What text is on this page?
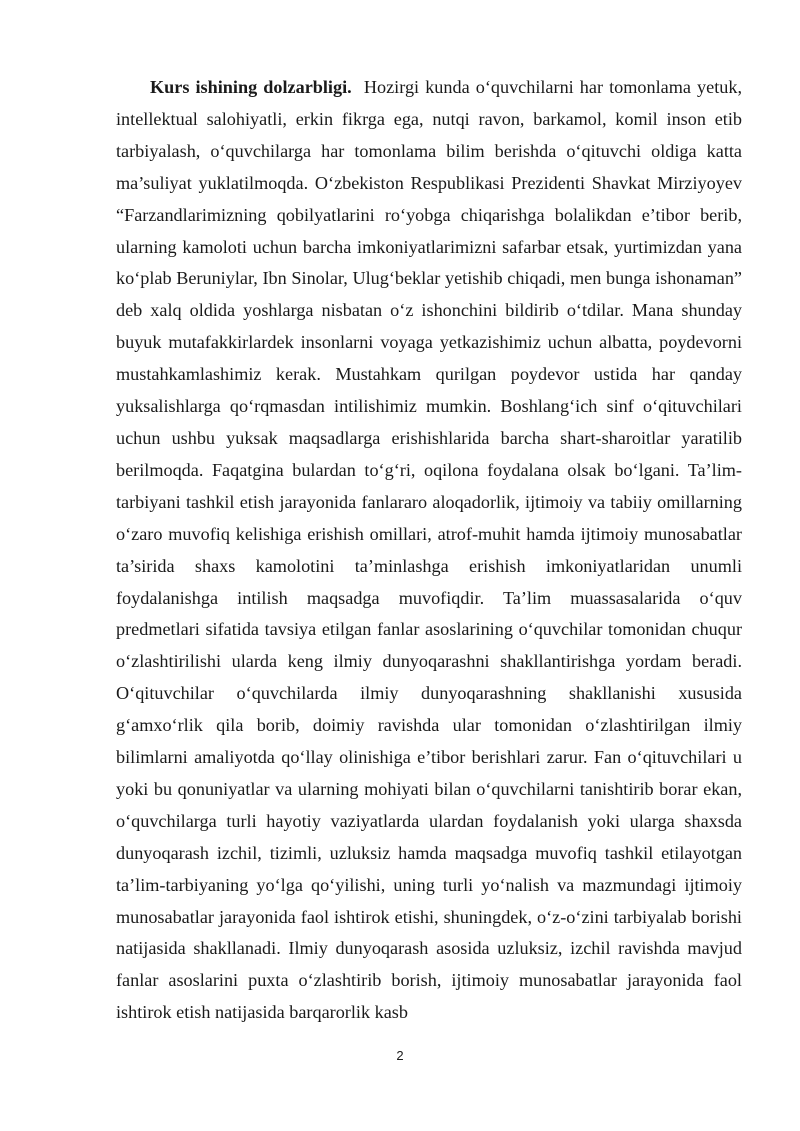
Kurs ishining dolzarbligi. Hozirgi kunda o‘quvchilarni har tomonlama yetuk, intellektual salohiyatli, erkin fikrga ega, nutqi ravon, barkamol, komil inson etib tarbiyalash, o‘quvchilarga har tomonlama bilim berishda o‘qituvchi oldiga katta ma’suliyat yuklatilmoqda. O‘zbekiston Respublikasi Prezidenti Shavkat Mirziyoyev “Farzandlarimizning qobilyatlarini ro‘yobga chiqarishga bolalikdan e’tibor berib, ularning kamoloti uchun barcha imkoniyatlarimizni safarbar etsak, yurtimizdan yana ko‘plab Beruniylar, Ibn Sinolar, Ulug‘beklar yetishib chiqadi, men bunga ishonaman” deb xalq oldida yoshlarga nisbatan o‘z ishonchini bildirib o‘tdilar. Mana shunday buyuk mutafakkirlardek insonlarni voyaga yetkazishimiz uchun albatta, poydevorni mustahkamlashimiz kerak. Mustahkam qurilgan poydevor ustida har qanday yuksalishlarga qo‘rqmasdan intilishimiz mumkin. Boshlang‘ich sinf o‘qituvchilari uchun ushbu yuksak maqsadlarga erishishlarida barcha shart-sharoitlar yaratilib berilmoqda. Faqatgina bulardan to‘g‘ri, oqilona foydalana olsak bo‘lgani. Ta’lim-tarbiyani tashkil etish jarayonida fanlararo aloqadorlik, ijtimoiy va tabiiy omillarning o‘zaro muvofiq kelishiga erishish omillari, atrof-muhit hamda ijtimoiy munosabatlar ta’sirida shaxs kamolotini ta’minlashga erishish imkoniyatlaridan unumli foydalanishga intilish maqsadga muvofiqdir. Ta’lim muassasalarida o‘quv predmetlari sifatida tavsiya etilgan fanlar asoslarining o‘quvchilar tomonidan chuqur o‘zlashtirilishi ularda keng ilmiy dunyoqarashni shakllantirishga yordam beradi. O‘qituvchilar o‘quvchilarda ilmiy dunyoqarashning shakllanishi xususida g‘amxo‘rlik qila borib, doimiy ravishda ular tomonidan o‘zlashtirilgan ilmiy bilimlarni amaliyotda qo‘llay olinishiga e’tibor berishlari zarur. Fan o‘qituvchilari u yoki bu qonuniyatlar va ularning mohiyati bilan o‘quvchilarni tanishtirib borar ekan, o‘quvchilarga turli hayotiy vaziyatlarda ulardan foydalanish yoki ularga shaxsda dunyoqarash izchil, tizimli, uzluksiz hamda maqsadga muvofiq tashkil etilayotgan ta’lim-tarbiyaning yo‘lga qo‘yilishi, uning turli yo‘nalish va mazmundagi ijtimoiy munosabatlar jarayonida faol ishtirok etishi, shuningdek, o‘z-o‘zini tarbiyalab borishi natijasida shakllanadi. Ilmiy dunyoqarash asosida uzluksiz, izchil ravishda mavjud fanlar asoslarini puxta o‘zlashtirib borish, ijtimoiy munosabatlar jarayonida faol ishtirok etish natijasida barqarorlik kasb

2
